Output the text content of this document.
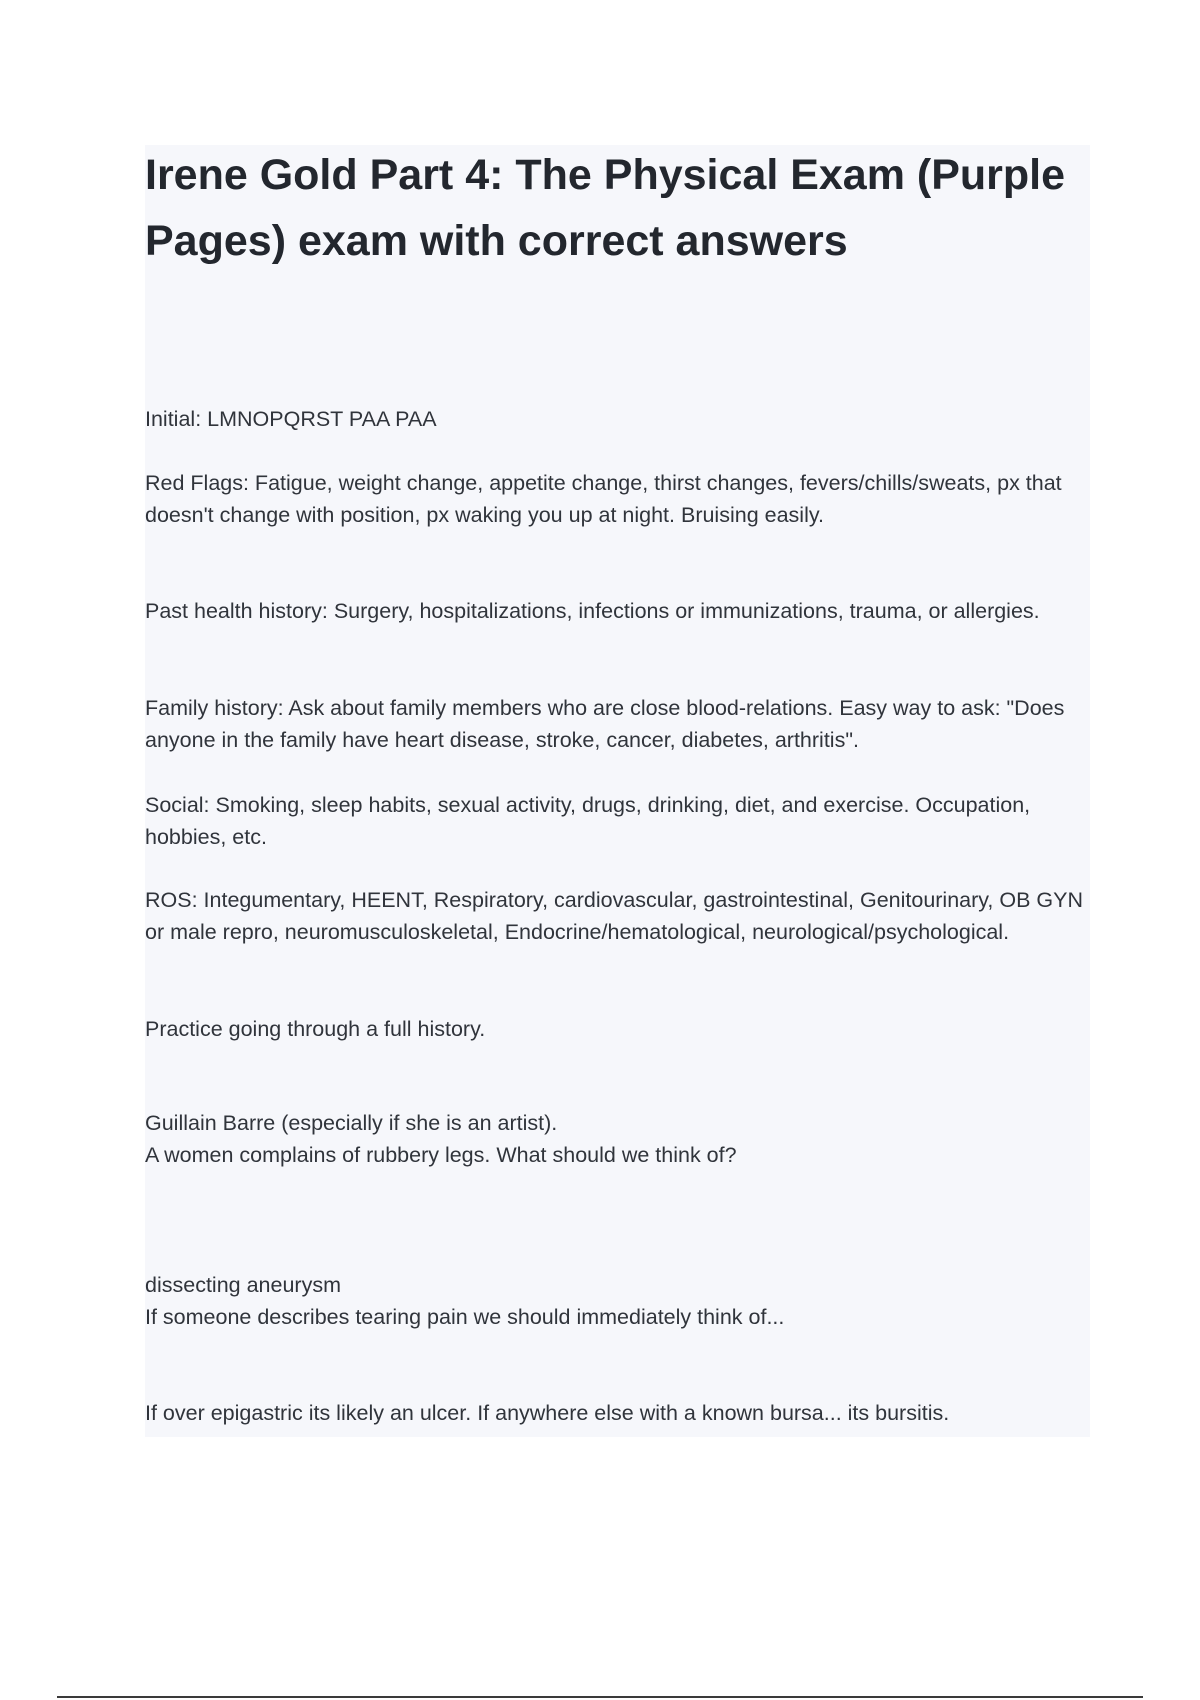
Irene Gold Part 4: The Physical Exam (Purple Pages) exam with correct answers

Initial: LMNOPQRST PAA PAA

Red Flags: Fatigue, weight change, appetite change, thirst changes, fevers/chills/sweats, px that doesn't change with position, px waking you up at night. Bruising easily.

Past health history: Surgery, hospitalizations, infections or immunizations, trauma, or allergies.

Family history: Ask about family members who are close blood-relations. Easy way to ask: "Does anyone in the family have heart disease, stroke, cancer, diabetes, arthritis".

Social: Smoking, sleep habits, sexual activity, drugs, drinking, diet, and exercise. Occupation, hobbies, etc.

ROS: Integumentary, HEENT, Respiratory, cardiovascular, gastrointestinal, Genitourinary, OB GYN or male repro, neuromusculoskeletal, Endocrine/hematological, neurological/psychological.

Practice going through a full history.

Guillain Barre (especially if she is an artist).

A women complains of rubbery legs. What should we think of?

dissecting aneurysm

If someone describes tearing pain we should immediately think of...

If over epigastric its likely an ulcer. If anywhere else with a known bursa... its bursitis.
